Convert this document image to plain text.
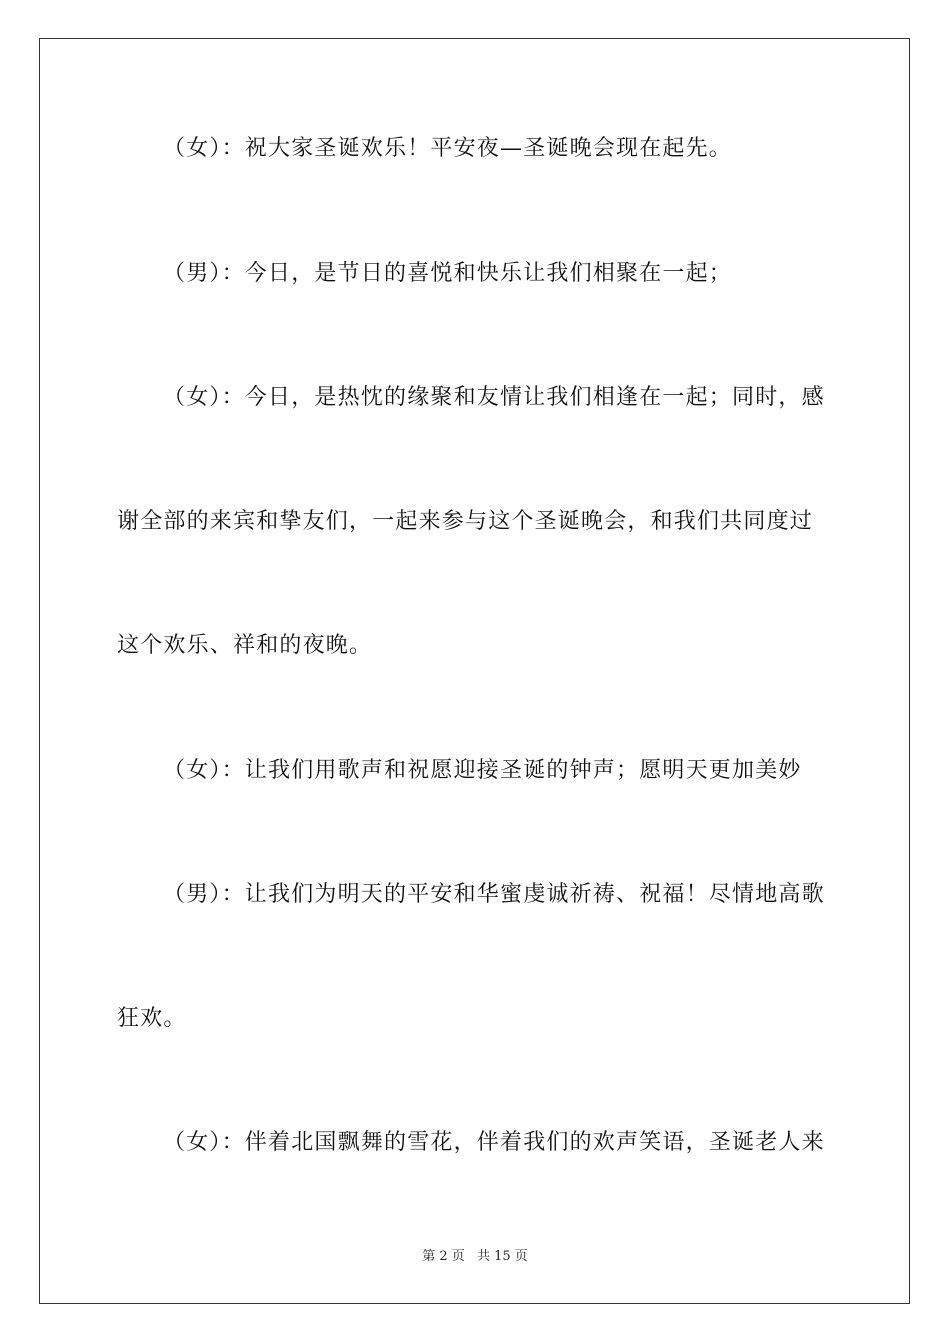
（女）：祝大家圣诞欢乐！平安夜—圣诞晚会现在起先。
（男）：今日，是节日的喜悦和快乐让我们相聚在一起；
（女）：今日，是热忱的缘聚和友情让我们相逢在一起；同时，感
谢全部的来宾和挚友们，一起来参与这个圣诞晚会，和我们共同度过
这个欢乐、祥和的夜晚。
（女）：让我们用歌声和祝愿迎接圣诞的钟声；愿明天更加美妙
（男）：让我们为明天的平安和华蜜虔诚祈祷、祝福！尽情地高歌
狂欢。
（女）：伴着北国飘舞的雪花，伴着我们的欢声笑语，圣诞老人来
第 2 页 共 15 页
